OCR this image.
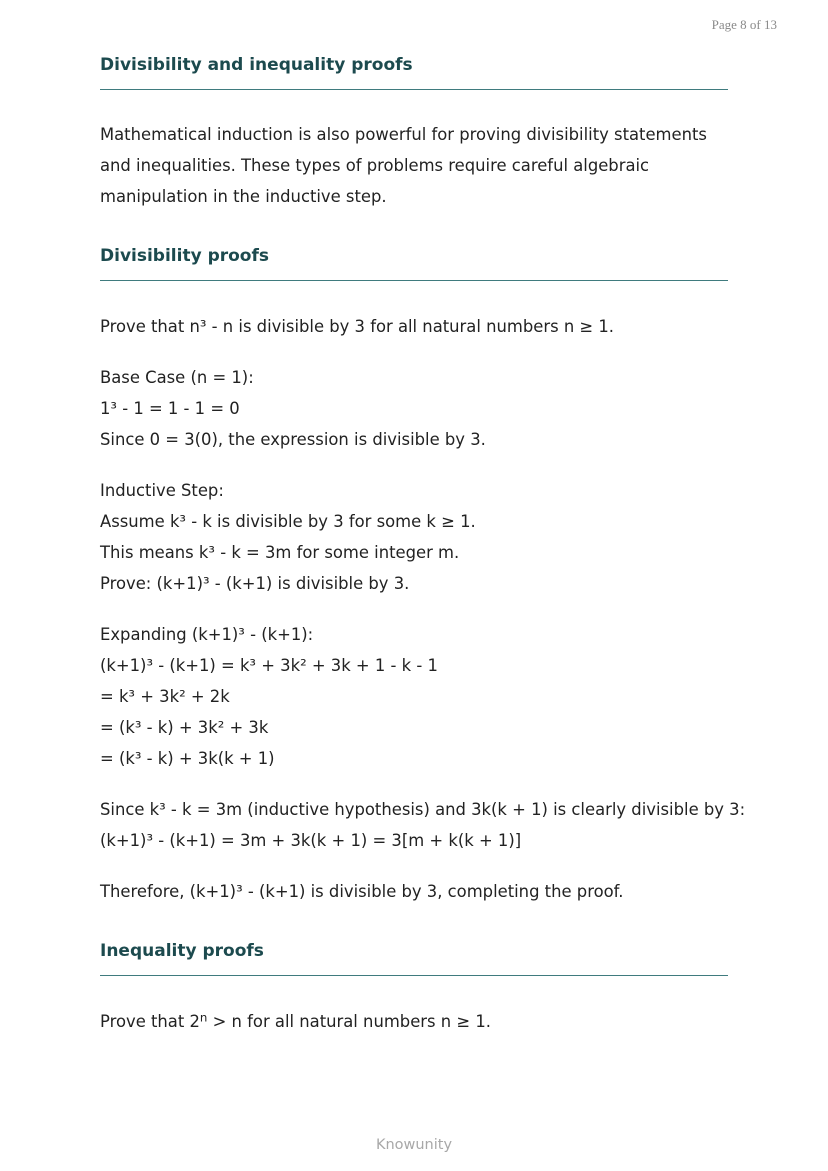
Page 8 of 13
Divisibility and inequality proofs
Mathematical induction is also powerful for proving divisibility statements
and inequalities. These types of problems require careful algebraic
manipulation in the inductive step.
Divisibility proofs
Prove that n³ - n is divisible by 3 for all natural numbers n ≥ 1.
Base Case (n = 1):
1³ - 1 = 1 - 1 = 0
Since 0 = 3(0), the expression is divisible by 3.
Inductive Step:
Assume k³ - k is divisible by 3 for some k ≥ 1.
This means k³ - k = 3m for some integer m.
Prove: (k+1)³ - (k+1) is divisible by 3.
Expanding (k+1)³ - (k+1):
(k+1)³ - (k+1) = k³ + 3k² + 3k + 1 - k - 1
= k³ + 3k² + 2k
= (k³ - k) + 3k² + 3k
= (k³ - k) + 3k(k + 1)
Since k³ - k = 3m (inductive hypothesis) and 3k(k + 1) is clearly divisible by 3:
(k+1)³ - (k+1) = 3m + 3k(k + 1) = 3[m + k(k + 1)]
Therefore, (k+1)³ - (k+1) is divisible by 3, completing the proof.
Inequality proofs
Prove that $2^n > n$ for all natural numbers n ≥ 1.
Knowunity
